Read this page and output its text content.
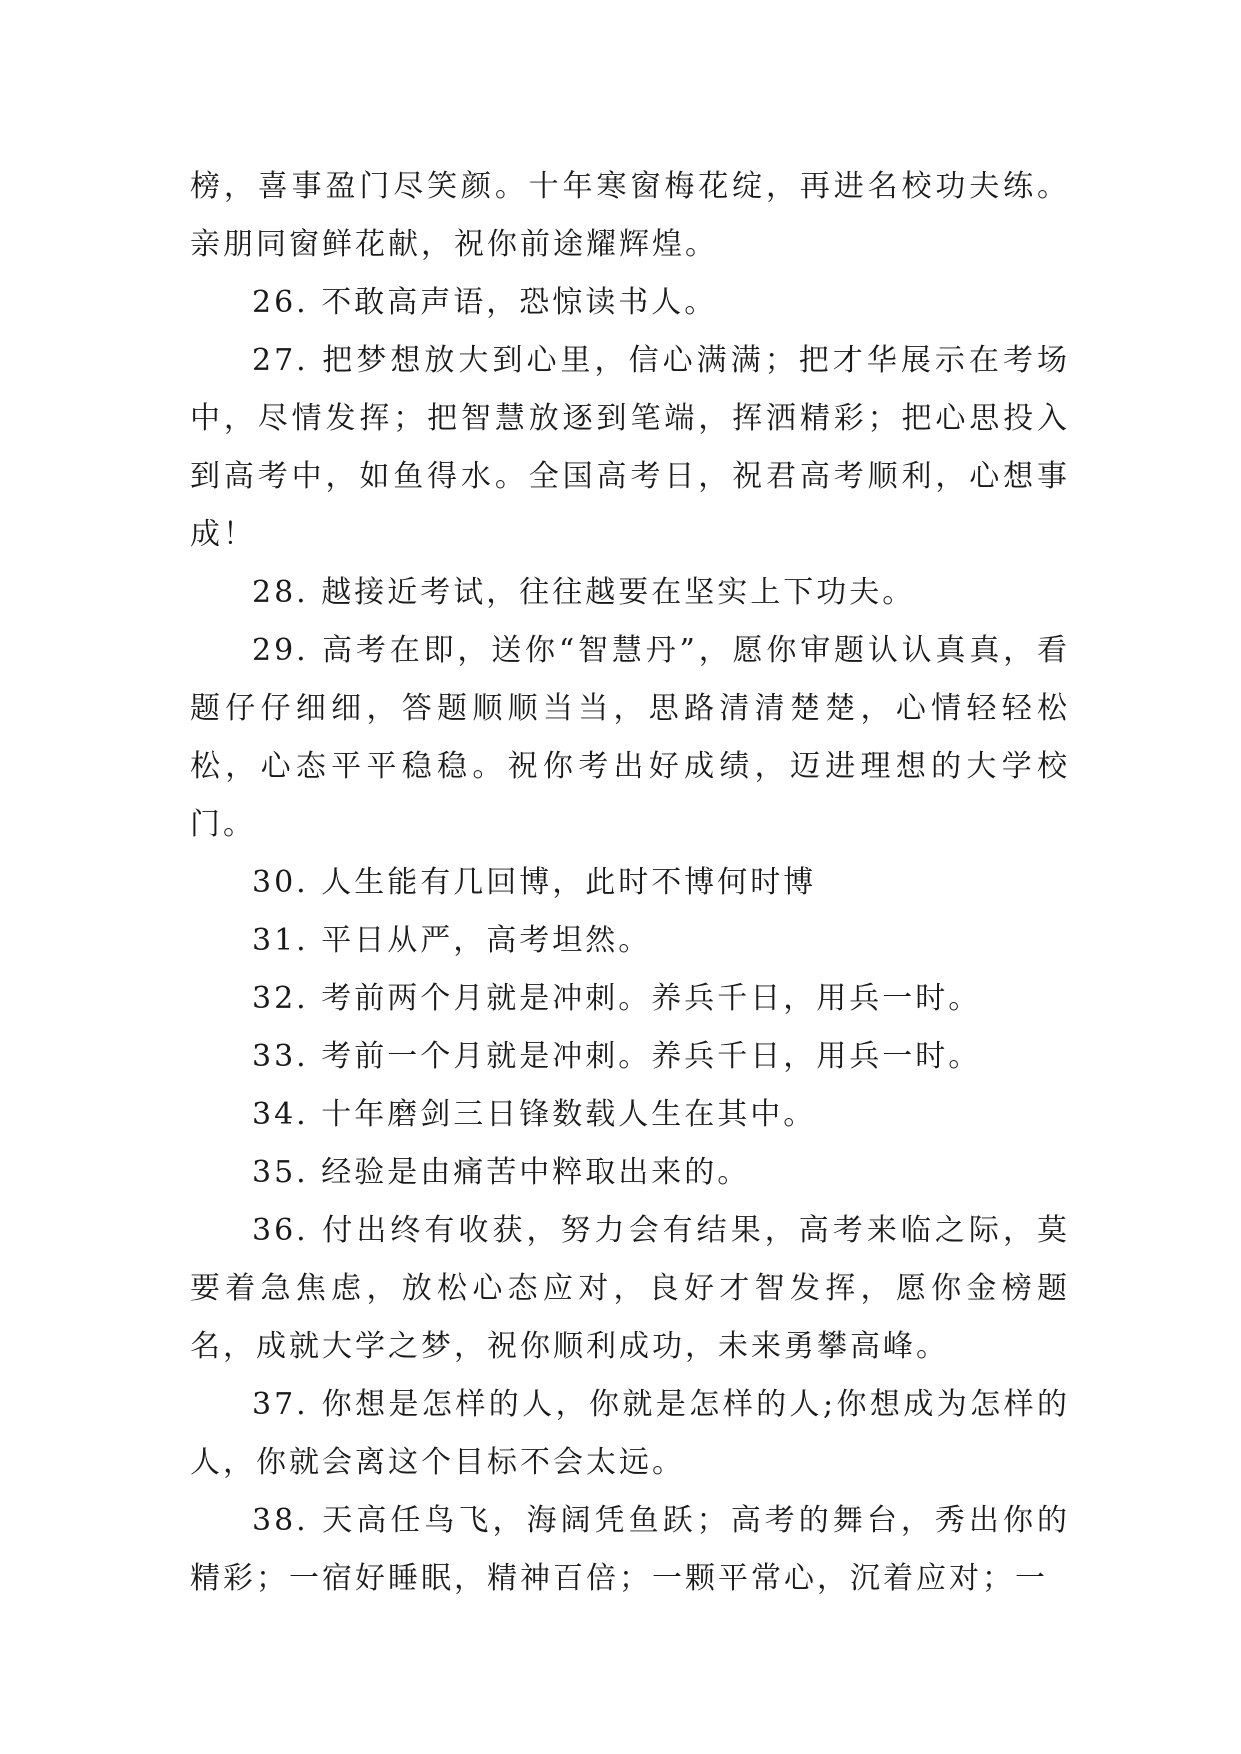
榜，喜事盈门尽笑颜。十年寒窗梅花绽，再进名校功夫练。亲朋同窗鲜花献，祝你前途耀辉煌。

26. 不敢高声语，恐惊读书人。

27. 把梦想放大到心里，信心满满；把才华展示在考场中，尽情发挥；把智慧放逐到笔端，挥洒精彩；把心思投入到高考中，如鱼得水。全国高考日，祝君高考顺利，心想事成！

28. 越接近考试，往往越要在坚实上下功夫。

29. 高考在即，送你“智慧丹”，愿你审题认认真真，看题仔仔细细，答题顺顺当当，思路清清楚楚，心情轻轻松松，心态平平稳稳。祝你考出好成绩，迈进理想的大学校门。

30. 人生能有几回博，此时不博何时博

31. 平日从严，高考坦然。

32. 考前两个月就是冲刺。养兵千日，用兵一时。

33. 考前一个月就是冲刺。养兵千日，用兵一时。

34. 十年磨剑三日锋数载人生在其中。

35. 经验是由痛苦中粹取出来的。

36. 付出终有收获，努力会有结果，高考来临之际，莫要着急焦虑，放松心态应对，良好才智发挥，愿你金榜题名，成就大学之梦，祝你顺利成功，未来勇攀高峰。

37. 你想是怎样的人，你就是怎样的人;你想成为怎样的人，你就会离这个目标不会太远。

38. 天高任鸟飞，海阔凭鱼跃；高考的舞台，秀出你的精彩；一宿好睡眠，精神百倍；一颗平常心，沉着应对；一
